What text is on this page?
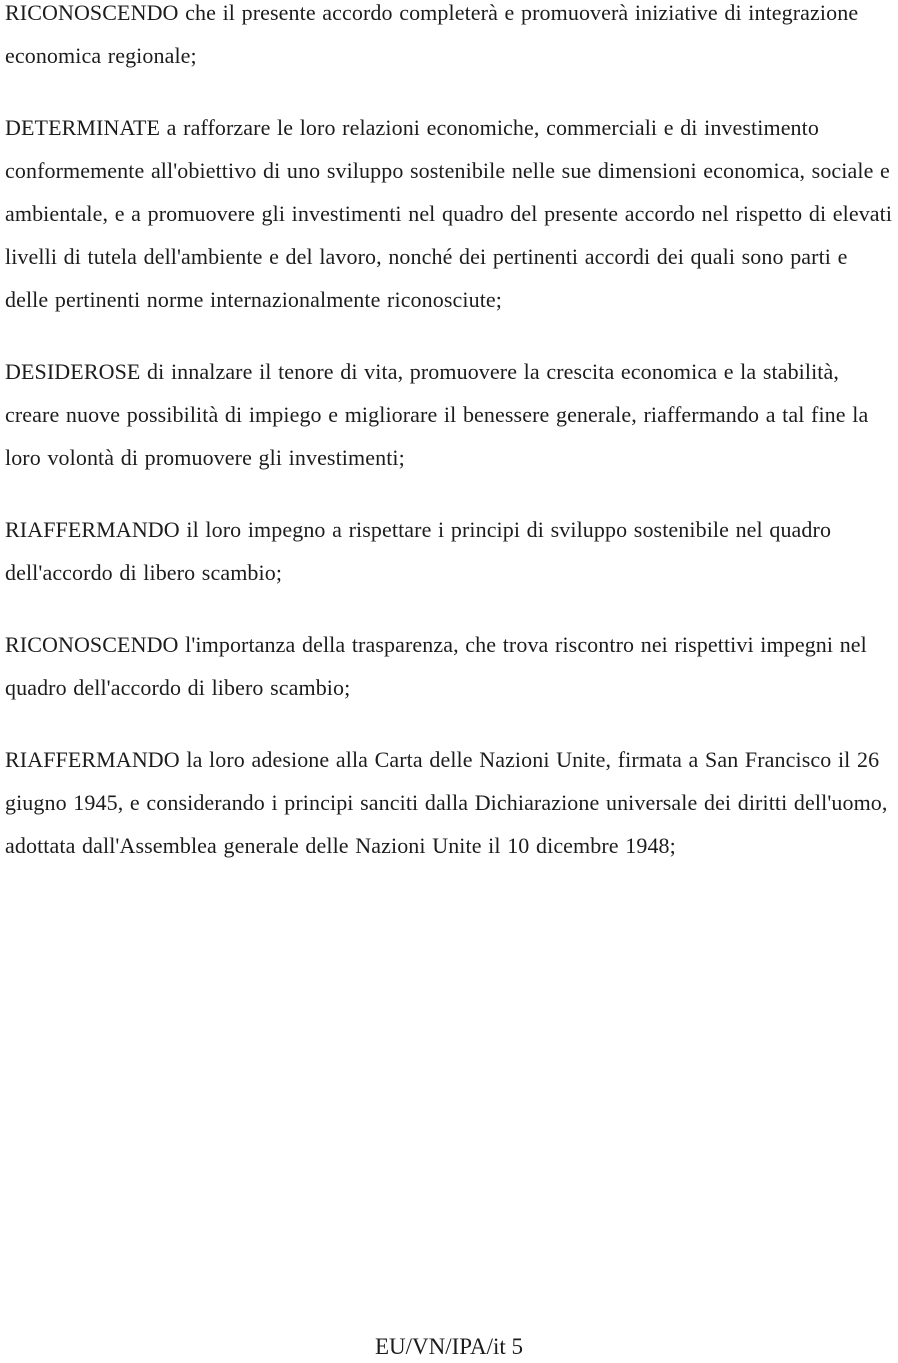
RICONOSCENDO che il presente accordo completerà e promuoverà iniziative di integrazione economica regionale;

DETERMINATE a rafforzare le loro relazioni economiche, commerciali e di investimento conformemente all'obiettivo di uno sviluppo sostenibile nelle sue dimensioni economica, sociale e ambientale, e a promuovere gli investimenti nel quadro del presente accordo nel rispetto di elevati livelli di tutela dell'ambiente e del lavoro, nonché dei pertinenti accordi dei quali sono parti e delle pertinenti norme internazionalmente riconosciute;

DESIDEROSE di innalzare il tenore di vita, promuovere la crescita economica e la stabilità, creare nuove possibilità di impiego e migliorare il benessere generale, riaffermando a tal fine la loro volontà di promuovere gli investimenti;

RIAFFERMANDO il loro impegno a rispettare i principi di sviluppo sostenibile nel quadro dell'accordo di libero scambio;

RICONOSCENDO l'importanza della trasparenza, che trova riscontro nei rispettivi impegni nel quadro dell'accordo di libero scambio;

RIAFFERMANDO la loro adesione alla Carta delle Nazioni Unite, firmata a San Francisco il 26 giugno 1945, e considerando i principi sanciti dalla Dichiarazione universale dei diritti dell'uomo, adottata dall'Assemblea generale delle Nazioni Unite il 10 dicembre 1948;

EU/VN/IPA/it 5
